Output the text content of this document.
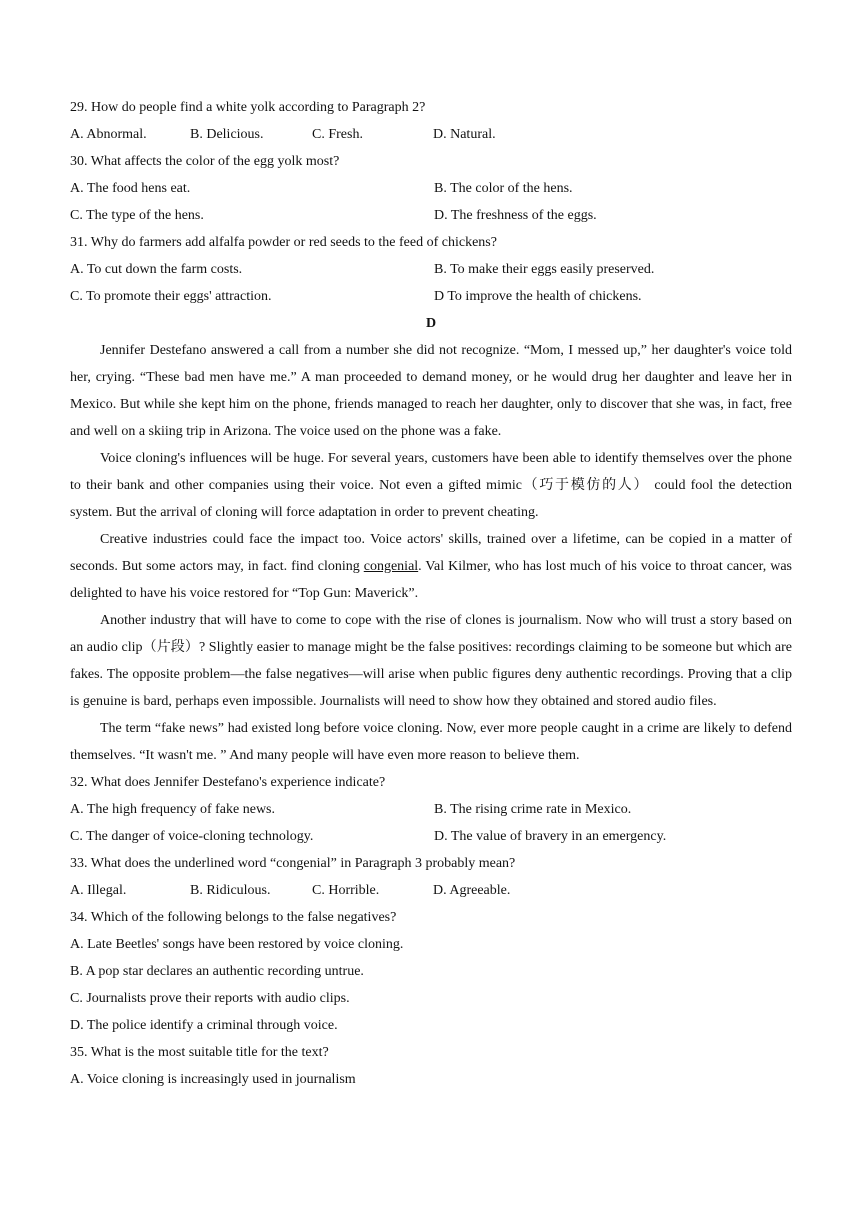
29. How do people find a white yolk according to Paragraph 2?
A. Abnormal.	B. Delicious.	C. Fresh.	D. Natural.
30. What affects the color of the egg yolk most?
A. The food hens eat.	B. The color of the hens.
C. The type of the hens.	D. The freshness of the eggs.
31. Why do farmers add alfalfa powder or red seeds to the feed of chickens?
A. To cut down the farm costs.	B. To make their eggs easily preserved.
C. To promote their eggs' attraction.	D To improve the health of chickens.
D
Jennifer Destefano answered a call from a number she did not recognize. “Mom, I messed up,” her daughter's voice told her, crying. “These bad men have me.” A man proceeded to demand money, or he would drug her daughter and leave her in Mexico. But while she kept him on the phone, friends managed to reach her daughter, only to discover that she was, in fact, free and well on a skiing trip in Arizona. The voice used on the phone was a fake.
Voice cloning's influences will be huge. For several years, customers have been able to identify themselves over the phone to their bank and other companies using their voice. Not even a gifted mimic（巧于模仿的人） could fool the detection system. But the arrival of cloning will force adaptation in order to prevent cheating.
Creative industries could face the impact too. Voice actors' skills, trained over a lifetime, can be copied in a matter of seconds. But some actors may, in fact. find cloning congenial. Val Kilmer, who has lost much of his voice to throat cancer, was delighted to have his voice restored for “Top Gun: Maverick”.
Another industry that will have to come to cope with the rise of clones is journalism. Now who will trust a story based on an audio clip（片段）? Slightly easier to manage might be the false positives: recordings claiming to be someone but which are fakes. The opposite problem—the false negatives—will arise when public figures deny authentic recordings. Proving that a clip is genuine is bard, perhaps even impossible. Journalists will need to show how they obtained and stored audio files.
The term “fake news” had existed long before voice cloning. Now, ever more people caught in a crime are likely to defend themselves. “It wasn't me. ” And many people will have even more reason to believe them.
32. What does Jennifer Destefano's experience indicate?
A. The high frequency of fake news.	B. The rising crime rate in Mexico.
C. The danger of voice-cloning technology.	D. The value of bravery in an emergency.
33. What does the underlined word “congenial” in Paragraph 3 probably mean?
A. Illegal.	B. Ridiculous.	C. Horrible.	D. Agreeable.
34. Which of the following belongs to the false negatives?
A. Late Beetles' songs have been restored by voice cloning.
B. A pop star declares an authentic recording untrue.
C. Journalists prove their reports with audio clips.
D. The police identify a criminal through voice.
35. What is the most suitable title for the text?
A. Voice cloning is increasingly used in journalism
